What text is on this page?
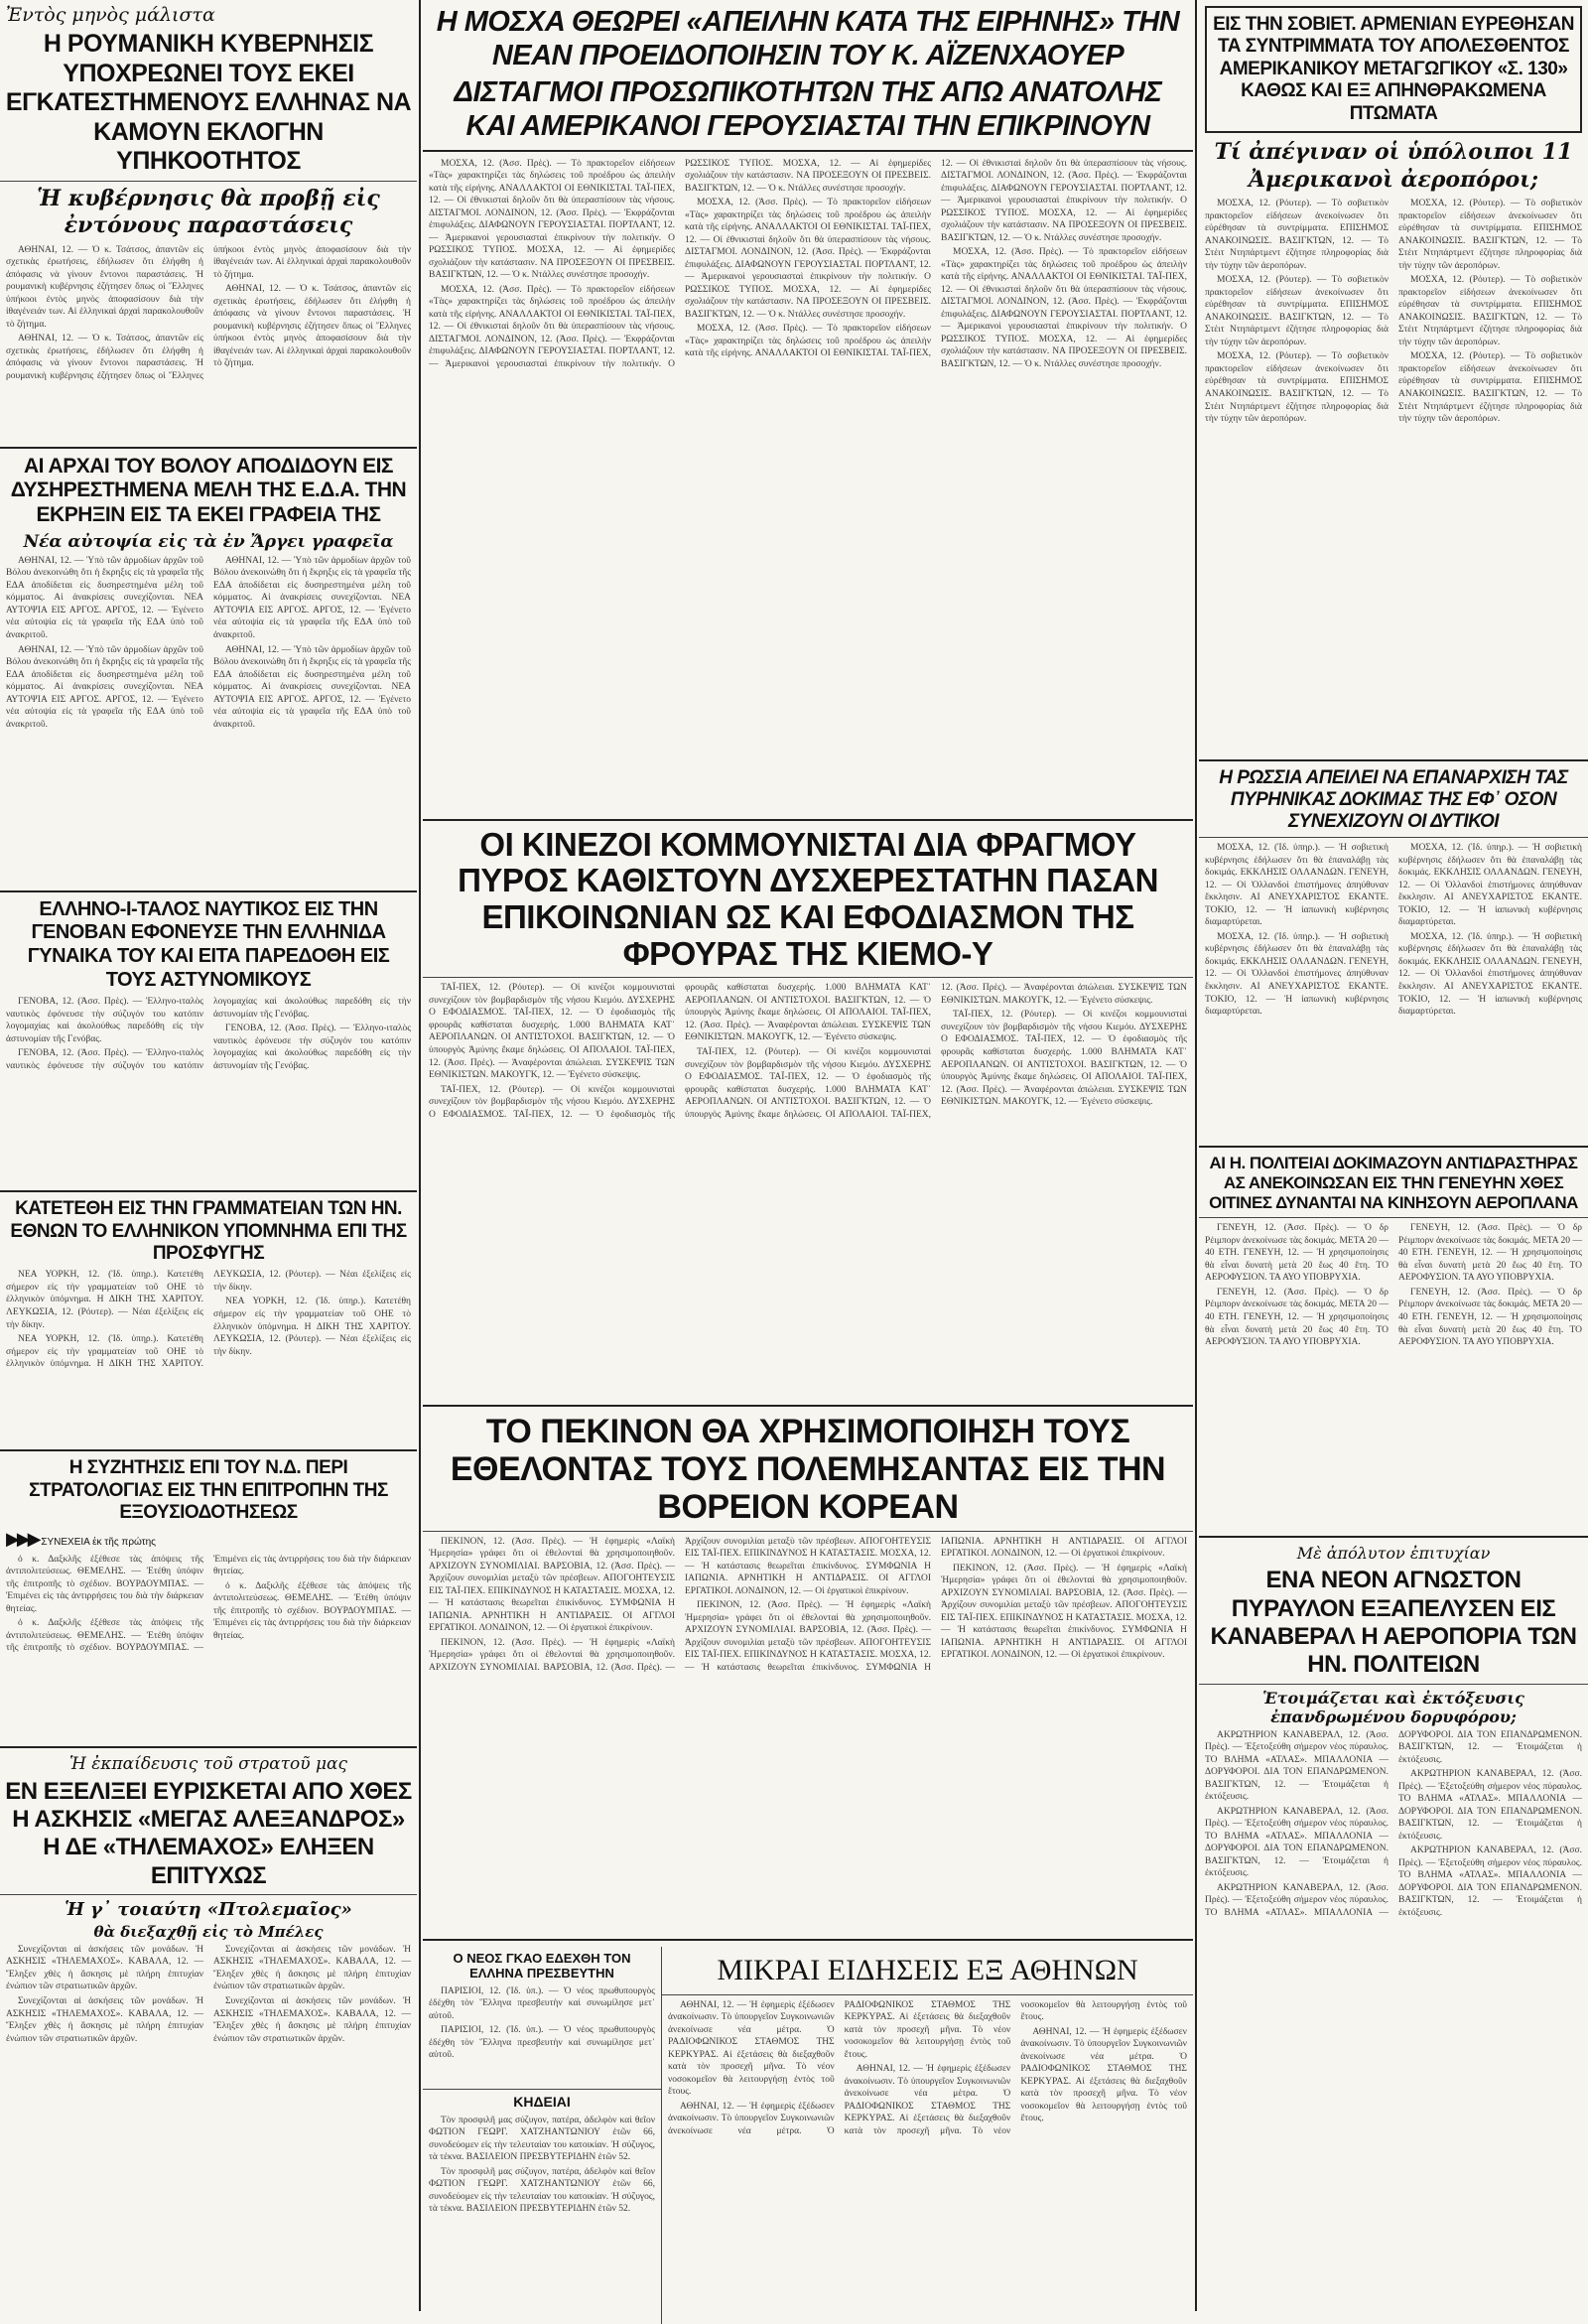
Ἐντὸς μηνὸς μάλιστα
Η ΡΟΥΜΑΝΙΚΗ ΚΥΒΕΡΝΗΣΙΣ ΥΠΟΧΡΕΩΝΕΙ ΤΟΥΣ ΕΚΕΙ ΕΓΚΑΤΕΣΤΗΜΕΝΟΥΣ ΕΛΛΗΝΑΣ ΝΑ ΚΑΜΟΥΝ ΕΚΛΟΓΗΝ ΥΠΗΚΟΟΤΗΤΟΣ
Ἡ κυβέρνησις θὰ προβῇ εἰς ἐντόνους παραστάσεις

ΑΘΗΝΑΙ, 12. — Ὁ κ. Τσάτσος, ἀπαντῶν εἰς σχετικὰς ἐρωτήσεις, ἐδήλωσεν ὅτι ἐλήφθη ἡ ἀπόφασις νὰ γίνουν ἔντονοι παραστάσεις. Ἡ ρουμανικὴ κυβέρνησις ἐζήτησεν ὅπως οἱ Ἕλληνες ὑπήκοοι ἐντὸς μηνὸς ἀποφασίσουν διὰ τὴν ἰθαγένειάν των. Αἱ ἑλληνικαὶ ἀρχαὶ παρακολουθοῦν τὸ ζήτημα.

ΑΘΗΝΑΙ, 12. — Ὁ κ. Τσάτσος, ἀπαντῶν εἰς σχετικὰς ἐρωτήσεις, ἐδήλωσεν ὅτι ἐλήφθη ἡ ἀπόφασις νὰ γίνουν ἔντονοι παραστάσεις. Ἡ ρουμανικὴ κυβέρνησις ἐζήτησεν ὅπως οἱ Ἕλληνες ὑπήκοοι ἐντὸς μηνὸς ἀποφασίσουν διὰ τὴν ἰθαγένειάν των. Αἱ ἑλληνικαὶ ἀρχαὶ παρακολουθοῦν τὸ ζήτημα.

ΑΘΗΝΑΙ, 12. — Ὁ κ. Τσάτσος, ἀπαντῶν εἰς σχετικὰς ἐρωτήσεις, ἐδήλωσεν ὅτι ἐλήφθη ἡ ἀπόφασις νὰ γίνουν ἔντονοι παραστάσεις. Ἡ ρουμανικὴ κυβέρνησις ἐζήτησεν ὅπως οἱ Ἕλληνες ὑπήκοοι ἐντὸς μηνὸς ἀποφασίσουν διὰ τὴν ἰθαγένειάν των. Αἱ ἑλληνικαὶ ἀρχαὶ παρακολουθοῦν τὸ ζήτημα.

ΑΙ ΑΡΧΑΙ ΤΟΥ ΒΟΛΟΥ ΑΠΟΔΙΔΟΥΝ ΕΙΣ ΔΥΣΗΡΕΣΤΗΜΕΝΑ ΜΕΛΗ ΤΗΣ Ε.Δ.Α. ΤΗΝ ΕΚΡΗΞΙΝ ΕΙΣ ΤΑ ΕΚΕΙ ΓΡΑΦΕΙΑ ΤΗΣ
Νέα αὐτοψία εἰς τὰ ἐν Ἄργει γραφεῖα

ΑΘΗΝΑΙ, 12. — Ὑπὸ τῶν ἀρμοδίων ἀρχῶν τοῦ Βόλου ἀνεκοινώθη ὅτι ἡ ἔκρηξις εἰς τὰ γραφεῖα τῆς ΕΔΑ ἀποδίδεται εἰς δυσηρεστημένα μέλη τοῦ κόμματος. Αἱ ἀνακρίσεις συνεχίζονται. ΝΕΑ ΑΥΤΟΨΙΑ ΕΙΣ ΑΡΓΟΣ. ΑΡΓΟΣ, 12. — Ἐγένετο νέα αὐτοψία εἰς τὰ γραφεῖα τῆς ΕΔΑ ὑπὸ τοῦ ἀνακριτοῦ.

ΑΘΗΝΑΙ, 12. — Ὑπὸ τῶν ἀρμοδίων ἀρχῶν τοῦ Βόλου ἀνεκοινώθη ὅτι ἡ ἔκρηξις εἰς τὰ γραφεῖα τῆς ΕΔΑ ἀποδίδεται εἰς δυσηρεστημένα μέλη τοῦ κόμματος. Αἱ ἀνακρίσεις συνεχίζονται. ΝΕΑ ΑΥΤΟΨΙΑ ΕΙΣ ΑΡΓΟΣ. ΑΡΓΟΣ, 12. — Ἐγένετο νέα αὐτοψία εἰς τὰ γραφεῖα τῆς ΕΔΑ ὑπὸ τοῦ ἀνακριτοῦ.

ΑΘΗΝΑΙ, 12. — Ὑπὸ τῶν ἀρμοδίων ἀρχῶν τοῦ Βόλου ἀνεκοινώθη ὅτι ἡ ἔκρηξις εἰς τὰ γραφεῖα τῆς ΕΔΑ ἀποδίδεται εἰς δυσηρεστημένα μέλη τοῦ κόμματος. Αἱ ἀνακρίσεις συνεχίζονται. ΝΕΑ ΑΥΤΟΨΙΑ ΕΙΣ ΑΡΓΟΣ. ΑΡΓΟΣ, 12. — Ἐγένετο νέα αὐτοψία εἰς τὰ γραφεῖα τῆς ΕΔΑ ὑπὸ τοῦ ἀνακριτοῦ.

ΑΘΗΝΑΙ, 12. — Ὑπὸ τῶν ἀρμοδίων ἀρχῶν τοῦ Βόλου ἀνεκοινώθη ὅτι ἡ ἔκρηξις εἰς τὰ γραφεῖα τῆς ΕΔΑ ἀποδίδεται εἰς δυσηρεστημένα μέλη τοῦ κόμματος. Αἱ ἀνακρίσεις συνεχίζονται. ΝΕΑ ΑΥΤΟΨΙΑ ΕΙΣ ΑΡΓΟΣ. ΑΡΓΟΣ, 12. — Ἐγένετο νέα αὐτοψία εἰς τὰ γραφεῖα τῆς ΕΔΑ ὑπὸ τοῦ ἀνακριτοῦ.

ΕΛΛΗΝΟ-Ι-ΤΑΛΟΣ ΝΑΥΤΙΚΟΣ ΕΙΣ ΤΗΝ ΓΕΝΟΒΑΝ ΕΦΟΝΕΥΣΕ ΤΗΝ ΕΛΛΗΝΙΔΑ ΓΥΝΑΙΚΑ ΤΟΥ ΚΑΙ ΕΙΤΑ ΠΑΡΕΔΟΘΗ ΕΙΣ ΤΟΥΣ ΑΣΤΥΝΟΜΙΚΟΥΣ

ΓΕΝΟΒΑ, 12. (Ἀσσ. Πρὲς). — Ἑλληνο-ιταλὸς ναυτικὸς ἐφόνευσε τὴν σύζυγόν του κατόπιν λογομαχίας καὶ ἀκολούθως παρεδόθη εἰς τὴν ἀστυνομίαν τῆς Γενόβας.

ΓΕΝΟΒΑ, 12. (Ἀσσ. Πρὲς). — Ἑλληνο-ιταλὸς ναυτικὸς ἐφόνευσε τὴν σύζυγόν του κατόπιν λογομαχίας καὶ ἀκολούθως παρεδόθη εἰς τὴν ἀστυνομίαν τῆς Γενόβας.

ΓΕΝΟΒΑ, 12. (Ἀσσ. Πρὲς). — Ἑλληνο-ιταλὸς ναυτικὸς ἐφόνευσε τὴν σύζυγόν του κατόπιν λογομαχίας καὶ ἀκολούθως παρεδόθη εἰς τὴν ἀστυνομίαν τῆς Γενόβας.

ΚΑΤΕΤΕΘΗ ΕΙΣ ΤΗΝ ΓΡΑΜΜΑΤΕΙΑΝ ΤΩΝ ΗΝ. ΕΘΝΩΝ ΤΟ ΕΛΛΗΝΙΚΟΝ ΥΠΟΜΝΗΜΑ ΕΠΙ ΤΗΣ ΠΡΟΣΦΥΓΗΣ

ΝΕΑ ΥΟΡΚΗ, 12. (Ἰδ. ὑπηρ.). Κατετέθη σήμερον εἰς τὴν γραμματείαν τοῦ ΟΗΕ τὸ ἑλληνικὸν ὑπόμνημα. Η ΔΙΚΗ ΤΗΣ ΧΑΡΙΤΟΥ. ΛΕΥΚΩΣΙΑ, 12. (Ρόυτερ). — Νέαι ἐξελίξεις εἰς τὴν δίκην.

ΝΕΑ ΥΟΡΚΗ, 12. (Ἰδ. ὑπηρ.). Κατετέθη σήμερον εἰς τὴν γραμματείαν τοῦ ΟΗΕ τὸ ἑλληνικὸν ὑπόμνημα. Η ΔΙΚΗ ΤΗΣ ΧΑΡΙΤΟΥ. ΛΕΥΚΩΣΙΑ, 12. (Ρόυτερ). — Νέαι ἐξελίξεις εἰς τὴν δίκην.

ΝΕΑ ΥΟΡΚΗ, 12. (Ἰδ. ὑπηρ.). Κατετέθη σήμερον εἰς τὴν γραμματείαν τοῦ ΟΗΕ τὸ ἑλληνικὸν ὑπόμνημα. Η ΔΙΚΗ ΤΗΣ ΧΑΡΙΤΟΥ. ΛΕΥΚΩΣΙΑ, 12. (Ρόυτερ). — Νέαι ἐξελίξεις εἰς τὴν δίκην.

Η ΣΥΖΗΤΗΣΙΣ ΕΠΙ ΤΟΥ Ν.Δ. ΠΕΡΙ ΣΤΡΑΤΟΛΟΓΙΑΣ ΕΙΣ ΤΗΝ ΕΠΙΤΡΟΠΗΝ ΤΗΣ ΕΞΟΥΣΙΟΔΟΤΗΣΕΩΣ
▶▶▶ ΣΥΝΕΧΕΙΑ ἐκ τῆς πρώτης

ὁ κ. Δαξκλῆς ἐξέθεσε τὰς ἀπόψεις τῆς ἀντιπολιτεύσεως. ΘΕΜΕΛΗΣ. — Ἐτέθη ὑπόψιν τῆς ἐπιτροπῆς τὸ σχέδιον. ΒΟΥΡΔΟΥΜΠΑΣ. — Ἐπιμένει εἰς τὰς ἀντιρρήσεις του διὰ τὴν διάρκειαν θητείας.

ὁ κ. Δαξκλῆς ἐξέθεσε τὰς ἀπόψεις τῆς ἀντιπολιτεύσεως. ΘΕΜΕΛΗΣ. — Ἐτέθη ὑπόψιν τῆς ἐπιτροπῆς τὸ σχέδιον. ΒΟΥΡΔΟΥΜΠΑΣ. — Ἐπιμένει εἰς τὰς ἀντιρρήσεις του διὰ τὴν διάρκειαν θητείας.

ὁ κ. Δαξκλῆς ἐξέθεσε τὰς ἀπόψεις τῆς ἀντιπολιτεύσεως. ΘΕΜΕΛΗΣ. — Ἐτέθη ὑπόψιν τῆς ἐπιτροπῆς τὸ σχέδιον. ΒΟΥΡΔΟΥΜΠΑΣ. — Ἐπιμένει εἰς τὰς ἀντιρρήσεις του διὰ τὴν διάρκειαν θητείας.

Ἡ ἐκπαίδευσις τοῦ στρατοῦ μας
ΕΝ ΕΞΕΛΙΞΕΙ ΕΥΡΙΣΚΕΤΑΙ ΑΠΟ ΧΘΕΣ Η ΑΣΚΗΣΙΣ «ΜΕΓΑΣ ΑΛΕΞΑΝΔΡΟΣ» Η ΔΕ «ΤΗΛΕΜΑΧΟΣ» ΕΛΗΞΕΝ ΕΠΙΤΥΧΩΣ
Ἡ γ᾽ τοιαύτη «Πτολεμαῖος»
θὰ διεξαχθῇ εἰς τὸ Μπέλες

Συνεχίζονται αἱ ἀσκήσεις τῶν μονάδων. Ἡ ΑΣΚΗΣΙΣ «ΤΗΛΕΜΑΧΟΣ». ΚΑΒΑΛΑ, 12. — Ἔληξεν χθὲς ἡ ἄσκησις μὲ πλήρη ἐπιτυχίαν ἐνώπιον τῶν στρατιωτικῶν ἀρχῶν.

Συνεχίζονται αἱ ἀσκήσεις τῶν μονάδων. Ἡ ΑΣΚΗΣΙΣ «ΤΗΛΕΜΑΧΟΣ». ΚΑΒΑΛΑ, 12. — Ἔληξεν χθὲς ἡ ἄσκησις μὲ πλήρη ἐπιτυχίαν ἐνώπιον τῶν στρατιωτικῶν ἀρχῶν.

Συνεχίζονται αἱ ἀσκήσεις τῶν μονάδων. Ἡ ΑΣΚΗΣΙΣ «ΤΗΛΕΜΑΧΟΣ». ΚΑΒΑΛΑ, 12. — Ἔληξεν χθὲς ἡ ἄσκησις μὲ πλήρη ἐπιτυχίαν ἐνώπιον τῶν στρατιωτικῶν ἀρχῶν.

Συνεχίζονται αἱ ἀσκήσεις τῶν μονάδων. Ἡ ΑΣΚΗΣΙΣ «ΤΗΛΕΜΑΧΟΣ». ΚΑΒΑΛΑ, 12. — Ἔληξεν χθὲς ἡ ἄσκησις μὲ πλήρη ἐπιτυχίαν ἐνώπιον τῶν στρατιωτικῶν ἀρχῶν.

Η ΜΟΣΧΑ ΘΕΩΡΕΙ «ΑΠΕΙΛΗΝ ΚΑΤΑ ΤΗΣ ΕΙΡΗΝΗΣ» ΤΗΝ ΝΕΑΝ ΠΡΟΕΙΔΟΠΟΙΗΣΙΝ ΤΟΥ Κ. ΑΪΖΕΝΧΑΟΥΕΡ
ΔΙΣΤΑΓΜΟΙ ΠΡΟΣΩΠΙΚΟΤΗΤΩΝ ΤΗΣ ΑΠΩ ΑΝΑΤΟΛΗΣ ΚΑΙ ΑΜΕΡΙΚΑΝΟΙ ΓΕΡΟΥΣΙΑΣΤΑΙ ΤΗΝ ΕΠΙΚΡΙΝΟΥΝ

ΜΟΣΧΑ, 12. (Ἀσσ. Πρὲς). — Τὸ πρακτορεῖον εἰδήσεων «Τὰς» χαρακτηρίζει τὰς δηλώσεις τοῦ προέδρου ὡς ἀπειλὴν κατὰ τῆς εἰρήνης. ΑΝΑΛΛΑΚΤΟΙ ΟΙ ΕΘΝΙΚΙΣΤΑΙ. ΤΑΪ-ΠΕΧ, 12. — Οἱ ἐθνικισταὶ δηλοῦν ὅτι θὰ ὑπερασπίσουν τὰς νήσους. ΔΙΣΤΑΓΜΟΙ. ΛΟΝΔΙΝΟΝ, 12. (Ἀσσ. Πρὲς). — Ἐκφράζονται ἐπιφυλάξεις. ΔΙΑΦΩΝΟΥΝ ΓΕΡΟΥΣΙΑΣΤΑΙ. ΠΟΡΤΛΑΝΤ, 12. — Ἀμερικανοὶ γερουσιασταὶ ἐπικρίνουν τὴν πολιτικήν. Ο ΡΩΣΣΙΚΟΣ ΤΥΠΟΣ. ΜΟΣΧΑ, 12. — Αἱ ἐφημερίδες σχολιάζουν τὴν κατάστασιν. ΝΑ ΠΡΟΣΕΞΟΥΝ ΟΙ ΠΡΕΣΒΕΙΣ. ΒΑΣΙΓΚΤΩΝ, 12. — Ὁ κ. Ντάλλες συνέστησε προσοχήν.

ΜΟΣΧΑ, 12. (Ἀσσ. Πρὲς). — Τὸ πρακτορεῖον εἰδήσεων «Τὰς» χαρακτηρίζει τὰς δηλώσεις τοῦ προέδρου ὡς ἀπειλὴν κατὰ τῆς εἰρήνης. ΑΝΑΛΛΑΚΤΟΙ ΟΙ ΕΘΝΙΚΙΣΤΑΙ. ΤΑΪ-ΠΕΧ, 12. — Οἱ ἐθνικισταὶ δηλοῦν ὅτι θὰ ὑπερασπίσουν τὰς νήσους. ΔΙΣΤΑΓΜΟΙ. ΛΟΝΔΙΝΟΝ, 12. (Ἀσσ. Πρὲς). — Ἐκφράζονται ἐπιφυλάξεις. ΔΙΑΦΩΝΟΥΝ ΓΕΡΟΥΣΙΑΣΤΑΙ. ΠΟΡΤΛΑΝΤ, 12. — Ἀμερικανοὶ γερουσιασταὶ ἐπικρίνουν τὴν πολιτικήν. Ο ΡΩΣΣΙΚΟΣ ΤΥΠΟΣ. ΜΟΣΧΑ, 12. — Αἱ ἐφημερίδες σχολιάζουν τὴν κατάστασιν. ΝΑ ΠΡΟΣΕΞΟΥΝ ΟΙ ΠΡΕΣΒΕΙΣ. ΒΑΣΙΓΚΤΩΝ, 12. — Ὁ κ. Ντάλλες συνέστησε προσοχήν.

ΜΟΣΧΑ, 12. (Ἀσσ. Πρὲς). — Τὸ πρακτορεῖον εἰδήσεων «Τὰς» χαρακτηρίζει τὰς δηλώσεις τοῦ προέδρου ὡς ἀπειλὴν κατὰ τῆς εἰρήνης. ΑΝΑΛΛΑΚΤΟΙ ΟΙ ΕΘΝΙΚΙΣΤΑΙ. ΤΑΪ-ΠΕΧ, 12. — Οἱ ἐθνικισταὶ δηλοῦν ὅτι θὰ ὑπερασπίσουν τὰς νήσους. ΔΙΣΤΑΓΜΟΙ. ΛΟΝΔΙΝΟΝ, 12. (Ἀσσ. Πρὲς). — Ἐκφράζονται ἐπιφυλάξεις. ΔΙΑΦΩΝΟΥΝ ΓΕΡΟΥΣΙΑΣΤΑΙ. ΠΟΡΤΛΑΝΤ, 12. — Ἀμερικανοὶ γερουσιασταὶ ἐπικρίνουν τὴν πολιτικήν. Ο ΡΩΣΣΙΚΟΣ ΤΥΠΟΣ. ΜΟΣΧΑ, 12. — Αἱ ἐφημερίδες σχολιάζουν τὴν κατάστασιν. ΝΑ ΠΡΟΣΕΞΟΥΝ ΟΙ ΠΡΕΣΒΕΙΣ. ΒΑΣΙΓΚΤΩΝ, 12. — Ὁ κ. Ντάλλες συνέστησε προσοχήν.

ΜΟΣΧΑ, 12. (Ἀσσ. Πρὲς). — Τὸ πρακτορεῖον εἰδήσεων «Τὰς» χαρακτηρίζει τὰς δηλώσεις τοῦ προέδρου ὡς ἀπειλὴν κατὰ τῆς εἰρήνης. ΑΝΑΛΛΑΚΤΟΙ ΟΙ ΕΘΝΙΚΙΣΤΑΙ. ΤΑΪ-ΠΕΧ, 12. — Οἱ ἐθνικισταὶ δηλοῦν ὅτι θὰ ὑπερασπίσουν τὰς νήσους. ΔΙΣΤΑΓΜΟΙ. ΛΟΝΔΙΝΟΝ, 12. (Ἀσσ. Πρὲς). — Ἐκφράζονται ἐπιφυλάξεις. ΔΙΑΦΩΝΟΥΝ ΓΕΡΟΥΣΙΑΣΤΑΙ. ΠΟΡΤΛΑΝΤ, 12. — Ἀμερικανοὶ γερουσιασταὶ ἐπικρίνουν τὴν πολιτικήν. Ο ΡΩΣΣΙΚΟΣ ΤΥΠΟΣ. ΜΟΣΧΑ, 12. — Αἱ ἐφημερίδες σχολιάζουν τὴν κατάστασιν. ΝΑ ΠΡΟΣΕΞΟΥΝ ΟΙ ΠΡΕΣΒΕΙΣ. ΒΑΣΙΓΚΤΩΝ, 12. — Ὁ κ. Ντάλλες συνέστησε προσοχήν.

ΜΟΣΧΑ, 12. (Ἀσσ. Πρὲς). — Τὸ πρακτορεῖον εἰδήσεων «Τὰς» χαρακτηρίζει τὰς δηλώσεις τοῦ προέδρου ὡς ἀπειλὴν κατὰ τῆς εἰρήνης. ΑΝΑΛΛΑΚΤΟΙ ΟΙ ΕΘΝΙΚΙΣΤΑΙ. ΤΑΪ-ΠΕΧ, 12. — Οἱ ἐθνικισταὶ δηλοῦν ὅτι θὰ ὑπερασπίσουν τὰς νήσους. ΔΙΣΤΑΓΜΟΙ. ΛΟΝΔΙΝΟΝ, 12. (Ἀσσ. Πρὲς). — Ἐκφράζονται ἐπιφυλάξεις. ΔΙΑΦΩΝΟΥΝ ΓΕΡΟΥΣΙΑΣΤΑΙ. ΠΟΡΤΛΑΝΤ, 12. — Ἀμερικανοὶ γερουσιασταὶ ἐπικρίνουν τὴν πολιτικήν. Ο ΡΩΣΣΙΚΟΣ ΤΥΠΟΣ. ΜΟΣΧΑ, 12. — Αἱ ἐφημερίδες σχολιάζουν τὴν κατάστασιν. ΝΑ ΠΡΟΣΕΞΟΥΝ ΟΙ ΠΡΕΣΒΕΙΣ. ΒΑΣΙΓΚΤΩΝ, 12. — Ὁ κ. Ντάλλες συνέστησε προσοχήν.

ΟΙ ΚΙΝΕΖΟΙ ΚΟΜΜΟΥΝΙΣΤΑΙ ΔΙΑ ΦΡΑΓΜΟΥ ΠΥΡΟΣ ΚΑΘΙΣΤΟΥΝ ΔΥΣΧΕΡΕΣΤΑΤΗΝ ΠΑΣΑΝ ΕΠΙΚΟΙΝΩΝΙΑΝ ΩΣ ΚΑΙ ΕΦΟΔΙΑΣΜΟΝ ΤΗΣ ΦΡΟΥΡΑΣ ΤΗΣ ΚΙΕΜΟ-Υ

ΤΑΪ-ΠΕΧ, 12. (Ρόυτερ). — Οἱ κινέζοι κομμουνισταὶ συνεχίζουν τὸν βομβαρδισμὸν τῆς νήσου Κιεμόυ. ΔΥΣΧΕΡΗΣ Ο ΕΦΟΔΙΑΣΜΟΣ. ΤΑΪ-ΠΕΧ, 12. — Ὁ ἐφοδιασμὸς τῆς φρουρᾶς καθίσταται δυσχερής. 1.000 ΒΛΗΜΑΤΑ ΚΑΤ᾽ ΑΕΡΟΠΛΑΝΩΝ. ΟΙ ΑΝΤΙΣΤΟΧΟΙ. ΒΑΣΙΓΚΤΩΝ, 12. — Ὁ ὑπουργὸς Ἀμύνης ἔκαμε δηλώσεις. ΟΙ ΑΠΟΛΑΙΟΙ. ΤΑΪ-ΠΕΧ, 12. (Ἀσσ. Πρὲς). — Ἀναφέρονται ἀπώλειαι. ΣΥΣΚΕΨΙΣ ΤΩΝ ΕΘΝΙΚΙΣΤΩΝ. ΜΑΚΟΥΓΚ, 12. — Ἐγένετο σύσκεψις.

ΤΑΪ-ΠΕΧ, 12. (Ρόυτερ). — Οἱ κινέζοι κομμουνισταὶ συνεχίζουν τὸν βομβαρδισμὸν τῆς νήσου Κιεμόυ. ΔΥΣΧΕΡΗΣ Ο ΕΦΟΔΙΑΣΜΟΣ. ΤΑΪ-ΠΕΧ, 12. — Ὁ ἐφοδιασμὸς τῆς φρουρᾶς καθίσταται δυσχερής. 1.000 ΒΛΗΜΑΤΑ ΚΑΤ᾽ ΑΕΡΟΠΛΑΝΩΝ. ΟΙ ΑΝΤΙΣΤΟΧΟΙ. ΒΑΣΙΓΚΤΩΝ, 12. — Ὁ ὑπουργὸς Ἀμύνης ἔκαμε δηλώσεις. ΟΙ ΑΠΟΛΑΙΟΙ. ΤΑΪ-ΠΕΧ, 12. (Ἀσσ. Πρὲς). — Ἀναφέρονται ἀπώλειαι. ΣΥΣΚΕΨΙΣ ΤΩΝ ΕΘΝΙΚΙΣΤΩΝ. ΜΑΚΟΥΓΚ, 12. — Ἐγένετο σύσκεψις.

ΤΑΪ-ΠΕΧ, 12. (Ρόυτερ). — Οἱ κινέζοι κομμουνισταὶ συνεχίζουν τὸν βομβαρδισμὸν τῆς νήσου Κιεμόυ. ΔΥΣΧΕΡΗΣ Ο ΕΦΟΔΙΑΣΜΟΣ. ΤΑΪ-ΠΕΧ, 12. — Ὁ ἐφοδιασμὸς τῆς φρουρᾶς καθίσταται δυσχερής. 1.000 ΒΛΗΜΑΤΑ ΚΑΤ᾽ ΑΕΡΟΠΛΑΝΩΝ. ΟΙ ΑΝΤΙΣΤΟΧΟΙ. ΒΑΣΙΓΚΤΩΝ, 12. — Ὁ ὑπουργὸς Ἀμύνης ἔκαμε δηλώσεις. ΟΙ ΑΠΟΛΑΙΟΙ. ΤΑΪ-ΠΕΧ, 12. (Ἀσσ. Πρὲς). — Ἀναφέρονται ἀπώλειαι. ΣΥΣΚΕΨΙΣ ΤΩΝ ΕΘΝΙΚΙΣΤΩΝ. ΜΑΚΟΥΓΚ, 12. — Ἐγένετο σύσκεψις.

ΤΑΪ-ΠΕΧ, 12. (Ρόυτερ). — Οἱ κινέζοι κομμουνισταὶ συνεχίζουν τὸν βομβαρδισμὸν τῆς νήσου Κιεμόυ. ΔΥΣΧΕΡΗΣ Ο ΕΦΟΔΙΑΣΜΟΣ. ΤΑΪ-ΠΕΧ, 12. — Ὁ ἐφοδιασμὸς τῆς φρουρᾶς καθίσταται δυσχερής. 1.000 ΒΛΗΜΑΤΑ ΚΑΤ᾽ ΑΕΡΟΠΛΑΝΩΝ. ΟΙ ΑΝΤΙΣΤΟΧΟΙ. ΒΑΣΙΓΚΤΩΝ, 12. — Ὁ ὑπουργὸς Ἀμύνης ἔκαμε δηλώσεις. ΟΙ ΑΠΟΛΑΙΟΙ. ΤΑΪ-ΠΕΧ, 12. (Ἀσσ. Πρὲς). — Ἀναφέρονται ἀπώλειαι. ΣΥΣΚΕΨΙΣ ΤΩΝ ΕΘΝΙΚΙΣΤΩΝ. ΜΑΚΟΥΓΚ, 12. — Ἐγένετο σύσκεψις.

ΤΟ ΠΕΚΙΝΟΝ ΘΑ ΧΡΗΣΙΜΟΠΟΙΗΣΗ ΤΟΥΣ ΕΘΕΛΟΝΤΑΣ ΤΟΥΣ ΠΟΛΕΜΗΣΑΝΤΑΣ ΕΙΣ ΤΗΝ ΒΟΡΕΙΟΝ ΚΟΡΕΑΝ

ΠΕΚΙΝΟΝ, 12. (Ἀσσ. Πρὲς). — Ἡ ἐφημερὶς «Λαϊκὴ Ἡμερησία» γράφει ὅτι οἱ ἐθελονταὶ θὰ χρησιμοποιηθοῦν. ΑΡΧΙΖΟΥΝ ΣΥΝΟΜΙΛΙΑΙ. ΒΑΡΣΟΒΙΑ, 12. (Ἀσσ. Πρὲς). — Ἀρχίζουν συνομιλίαι μεταξὺ τῶν πρέσβεων. ΑΠΟΓΟΗΤΕΥΣΙΣ ΕΙΣ ΤΑΪ-ΠΕΧ. ΕΠΙΚΙΝΔΥΝΟΣ Η ΚΑΤΑΣΤΑΣΙΣ. ΜΟΣΧΑ, 12. — Ἡ κατάστασις θεωρεῖται ἐπικίνδυνος. ΣΥΜΦΩΝΙΑ Η ΙΑΠΩΝΙΑ. ΑΡΝΗΤΙΚΗ Η ΑΝΤΙΔΡΑΣΙΣ. ΟΙ ΑΓΓΛΟΙ ΕΡΓΑΤΙΚΟΙ. ΛΟΝΔΙΝΟΝ, 12. — Οἱ ἐργατικοὶ ἐπικρίνουν.

ΠΕΚΙΝΟΝ, 12. (Ἀσσ. Πρὲς). — Ἡ ἐφημερὶς «Λαϊκὴ Ἡμερησία» γράφει ὅτι οἱ ἐθελονταὶ θὰ χρησιμοποιηθοῦν. ΑΡΧΙΖΟΥΝ ΣΥΝΟΜΙΛΙΑΙ. ΒΑΡΣΟΒΙΑ, 12. (Ἀσσ. Πρὲς). — Ἀρχίζουν συνομιλίαι μεταξὺ τῶν πρέσβεων. ΑΠΟΓΟΗΤΕΥΣΙΣ ΕΙΣ ΤΑΪ-ΠΕΧ. ΕΠΙΚΙΝΔΥΝΟΣ Η ΚΑΤΑΣΤΑΣΙΣ. ΜΟΣΧΑ, 12. — Ἡ κατάστασις θεωρεῖται ἐπικίνδυνος. ΣΥΜΦΩΝΙΑ Η ΙΑΠΩΝΙΑ. ΑΡΝΗΤΙΚΗ Η ΑΝΤΙΔΡΑΣΙΣ. ΟΙ ΑΓΓΛΟΙ ΕΡΓΑΤΙΚΟΙ. ΛΟΝΔΙΝΟΝ, 12. — Οἱ ἐργατικοὶ ἐπικρίνουν.

ΠΕΚΙΝΟΝ, 12. (Ἀσσ. Πρὲς). — Ἡ ἐφημερὶς «Λαϊκὴ Ἡμερησία» γράφει ὅτι οἱ ἐθελονταὶ θὰ χρησιμοποιηθοῦν. ΑΡΧΙΖΟΥΝ ΣΥΝΟΜΙΛΙΑΙ. ΒΑΡΣΟΒΙΑ, 12. (Ἀσσ. Πρὲς). — Ἀρχίζουν συνομιλίαι μεταξὺ τῶν πρέσβεων. ΑΠΟΓΟΗΤΕΥΣΙΣ ΕΙΣ ΤΑΪ-ΠΕΧ. ΕΠΙΚΙΝΔΥΝΟΣ Η ΚΑΤΑΣΤΑΣΙΣ. ΜΟΣΧΑ, 12. — Ἡ κατάστασις θεωρεῖται ἐπικίνδυνος. ΣΥΜΦΩΝΙΑ Η ΙΑΠΩΝΙΑ. ΑΡΝΗΤΙΚΗ Η ΑΝΤΙΔΡΑΣΙΣ. ΟΙ ΑΓΓΛΟΙ ΕΡΓΑΤΙΚΟΙ. ΛΟΝΔΙΝΟΝ, 12. — Οἱ ἐργατικοὶ ἐπικρίνουν.

ΠΕΚΙΝΟΝ, 12. (Ἀσσ. Πρὲς). — Ἡ ἐφημερὶς «Λαϊκὴ Ἡμερησία» γράφει ὅτι οἱ ἐθελονταὶ θὰ χρησιμοποιηθοῦν. ΑΡΧΙΖΟΥΝ ΣΥΝΟΜΙΛΙΑΙ. ΒΑΡΣΟΒΙΑ, 12. (Ἀσσ. Πρὲς). — Ἀρχίζουν συνομιλίαι μεταξὺ τῶν πρέσβεων. ΑΠΟΓΟΗΤΕΥΣΙΣ ΕΙΣ ΤΑΪ-ΠΕΧ. ΕΠΙΚΙΝΔΥΝΟΣ Η ΚΑΤΑΣΤΑΣΙΣ. ΜΟΣΧΑ, 12. — Ἡ κατάστασις θεωρεῖται ἐπικίνδυνος. ΣΥΜΦΩΝΙΑ Η ΙΑΠΩΝΙΑ. ΑΡΝΗΤΙΚΗ Η ΑΝΤΙΔΡΑΣΙΣ. ΟΙ ΑΓΓΛΟΙ ΕΡΓΑΤΙΚΟΙ. ΛΟΝΔΙΝΟΝ, 12. — Οἱ ἐργατικοὶ ἐπικρίνουν.

Ο ΝΕΟΣ ΓΚΑΟ ΕΔΕΧΘΗ ΤΟΝ ΕΛΛΗΝΑ ΠΡΕΣΒΕΥΤΗΝ

ΠΑΡΙΣΙΟΙ, 12. (Ἰδ. ὑπ.). — Ὁ νέος πρωθυπουργὸς ἐδέχθη τὸν Ἕλληνα πρεσβευτὴν καὶ συνωμίλησε μετ᾽ αὐτοῦ.

ΠΑΡΙΣΙΟΙ, 12. (Ἰδ. ὑπ.). — Ὁ νέος πρωθυπουργὸς ἐδέχθη τὸν Ἕλληνα πρεσβευτὴν καὶ συνωμίλησε μετ᾽ αὐτοῦ.

ΚΗΔΕΙΑΙ

Τὸν προσφιλῆ μας σύζυγον, πατέρα, ἀδελφὸν καὶ θεῖον ΦΩΤΙΟΝ ΓΕΩΡΓ. ΧΑΤΖΗΑΝΤΩΝΙΟΥ ἐτῶν 66, συνοδεύομεν εἰς τὴν τελευταίαν του κατοικίαν. Ἡ σύζυγος, τὰ τέκνα. ΒΑΣΙΛΕΙΟΝ ΠΡΕΣΒΥΤΕΡΙΔΗΝ ἐτῶν 52.

Τὸν προσφιλῆ μας σύζυγον, πατέρα, ἀδελφὸν καὶ θεῖον ΦΩΤΙΟΝ ΓΕΩΡΓ. ΧΑΤΖΗΑΝΤΩΝΙΟΥ ἐτῶν 66, συνοδεύομεν εἰς τὴν τελευταίαν του κατοικίαν. Ἡ σύζυγος, τὰ τέκνα. ΒΑΣΙΛΕΙΟΝ ΠΡΕΣΒΥΤΕΡΙΔΗΝ ἐτῶν 52.

ΜΙΚΡΑΙ ΕΙΔΗΣΕΙΣ ΕΞ ΑΘΗΝΩΝ

ΑΘΗΝΑΙ, 12. — Ἡ ἐφημερὶς ἐξέδωσεν ἀνακοίνωσιν. Τὸ ὑπουργεῖον Συγκοινωνιῶν ἀνεκοίνωσε νέα μέτρα. Ὁ ΡΑΔΙΟΦΩΝΙΚΟΣ ΣΤΑΘΜΟΣ ΤΗΣ ΚΕΡΚΥΡΑΣ. Αἱ ἐξετάσεις θὰ διεξαχθοῦν κατὰ τὸν προσεχῆ μῆνα. Τὸ νέον νοσοκομεῖον θὰ λειτουργήσῃ ἐντὸς τοῦ ἔτους.

ΑΘΗΝΑΙ, 12. — Ἡ ἐφημερὶς ἐξέδωσεν ἀνακοίνωσιν. Τὸ ὑπουργεῖον Συγκοινωνιῶν ἀνεκοίνωσε νέα μέτρα. Ὁ ΡΑΔΙΟΦΩΝΙΚΟΣ ΣΤΑΘΜΟΣ ΤΗΣ ΚΕΡΚΥΡΑΣ. Αἱ ἐξετάσεις θὰ διεξαχθοῦν κατὰ τὸν προσεχῆ μῆνα. Τὸ νέον νοσοκομεῖον θὰ λειτουργήσῃ ἐντὸς τοῦ ἔτους.

ΑΘΗΝΑΙ, 12. — Ἡ ἐφημερὶς ἐξέδωσεν ἀνακοίνωσιν. Τὸ ὑπουργεῖον Συγκοινωνιῶν ἀνεκοίνωσε νέα μέτρα. Ὁ ΡΑΔΙΟΦΩΝΙΚΟΣ ΣΤΑΘΜΟΣ ΤΗΣ ΚΕΡΚΥΡΑΣ. Αἱ ἐξετάσεις θὰ διεξαχθοῦν κατὰ τὸν προσεχῆ μῆνα. Τὸ νέον νοσοκομεῖον θὰ λειτουργήσῃ ἐντὸς τοῦ ἔτους.

ΑΘΗΝΑΙ, 12. — Ἡ ἐφημερὶς ἐξέδωσεν ἀνακοίνωσιν. Τὸ ὑπουργεῖον Συγκοινωνιῶν ἀνεκοίνωσε νέα μέτρα. Ὁ ΡΑΔΙΟΦΩΝΙΚΟΣ ΣΤΑΘΜΟΣ ΤΗΣ ΚΕΡΚΥΡΑΣ. Αἱ ἐξετάσεις θὰ διεξαχθοῦν κατὰ τὸν προσεχῆ μῆνα. Τὸ νέον νοσοκομεῖον θὰ λειτουργήσῃ ἐντὸς τοῦ ἔτους.

ΕΙΣ ΤΗΝ ΣΟΒΙΕΤ. ΑΡΜΕΝΙΑΝ ΕΥΡΕΘΗΣΑΝ ΤΑ ΣΥΝΤΡΙΜΜΑΤΑ ΤΟΥ ΑΠΟΛΕΣΘΕΝΤΟΣ ΑΜΕΡΙΚΑΝΙΚΟΥ ΜΕΤΑΓΩΓΙΚΟΥ «Σ. 130» ΚΑΘΩΣ ΚΑΙ ΕΞ ΑΠΗΝΘΡΑΚΩΜΕΝΑ ΠΤΩΜΑΤΑ
Τί ἀπέγιναν οἱ ὑπόλοιποι 11 Ἀμερικανοὶ ἀεροπόροι;

ΜΟΣΧΑ, 12. (Ρόυτερ). — Τὸ σοβιετικὸν πρακτορεῖον εἰδήσεων ἀνεκοίνωσεν ὅτι εὑρέθησαν τὰ συντρίμματα. ΕΠΙΣΗΜΟΣ ΑΝΑΚΟΙΝΩΣΙΣ. ΒΑΣΙΓΚΤΩΝ, 12. — Τὸ Στέιτ Ντηπάρτμεντ ἐζήτησε πληροφορίας διὰ τὴν τύχην τῶν ἀεροπόρων.

ΜΟΣΧΑ, 12. (Ρόυτερ). — Τὸ σοβιετικὸν πρακτορεῖον εἰδήσεων ἀνεκοίνωσεν ὅτι εὑρέθησαν τὰ συντρίμματα. ΕΠΙΣΗΜΟΣ ΑΝΑΚΟΙΝΩΣΙΣ. ΒΑΣΙΓΚΤΩΝ, 12. — Τὸ Στέιτ Ντηπάρτμεντ ἐζήτησε πληροφορίας διὰ τὴν τύχην τῶν ἀεροπόρων.

ΜΟΣΧΑ, 12. (Ρόυτερ). — Τὸ σοβιετικὸν πρακτορεῖον εἰδήσεων ἀνεκοίνωσεν ὅτι εὑρέθησαν τὰ συντρίμματα. ΕΠΙΣΗΜΟΣ ΑΝΑΚΟΙΝΩΣΙΣ. ΒΑΣΙΓΚΤΩΝ, 12. — Τὸ Στέιτ Ντηπάρτμεντ ἐζήτησε πληροφορίας διὰ τὴν τύχην τῶν ἀεροπόρων.

ΜΟΣΧΑ, 12. (Ρόυτερ). — Τὸ σοβιετικὸν πρακτορεῖον εἰδήσεων ἀνεκοίνωσεν ὅτι εὑρέθησαν τὰ συντρίμματα. ΕΠΙΣΗΜΟΣ ΑΝΑΚΟΙΝΩΣΙΣ. ΒΑΣΙΓΚΤΩΝ, 12. — Τὸ Στέιτ Ντηπάρτμεντ ἐζήτησε πληροφορίας διὰ τὴν τύχην τῶν ἀεροπόρων.

ΜΟΣΧΑ, 12. (Ρόυτερ). — Τὸ σοβιετικὸν πρακτορεῖον εἰδήσεων ἀνεκοίνωσεν ὅτι εὑρέθησαν τὰ συντρίμματα. ΕΠΙΣΗΜΟΣ ΑΝΑΚΟΙΝΩΣΙΣ. ΒΑΣΙΓΚΤΩΝ, 12. — Τὸ Στέιτ Ντηπάρτμεντ ἐζήτησε πληροφορίας διὰ τὴν τύχην τῶν ἀεροπόρων.

ΜΟΣΧΑ, 12. (Ρόυτερ). — Τὸ σοβιετικὸν πρακτορεῖον εἰδήσεων ἀνεκοίνωσεν ὅτι εὑρέθησαν τὰ συντρίμματα. ΕΠΙΣΗΜΟΣ ΑΝΑΚΟΙΝΩΣΙΣ. ΒΑΣΙΓΚΤΩΝ, 12. — Τὸ Στέιτ Ντηπάρτμεντ ἐζήτησε πληροφορίας διὰ τὴν τύχην τῶν ἀεροπόρων.

Η ΡΩΣΣΙΑ ΑΠΕΙΛΕΙ ΝΑ ΕΠΑΝΑΡΧΙΣΗ ΤΑΣ ΠΥΡΗΝΙΚΑΣ ΔΟΚΙΜΑΣ ΤΗΣ ΕΦ᾽ ΟΣΟΝ ΣΥΝΕΧΙΖΟΥΝ ΟΙ ΔΥΤΙΚΟΙ

ΜΟΣΧΑ, 12. (Ἰδ. ὑπηρ.). — Ἡ σοβιετικὴ κυβέρνησις ἐδήλωσεν ὅτι θὰ ἐπαναλάβῃ τὰς δοκιμάς. ΕΚΚΛΗΣΙΣ ΟΛΛΑΝΔΩΝ. ΓΕΝΕΥΗ, 12. — Οἱ Ὀλλανδοὶ ἐπιστήμονες ἀπηύθυναν ἔκκλησιν. ΑΙ ΑΝΕΥΧΑΡΙΣΤΟΣ ΕΚΑΝΤΕ. ΤΟΚΙΟ, 12. — Ἡ ἰαπωνικὴ κυβέρνησις διαμαρτύρεται.

ΜΟΣΧΑ, 12. (Ἰδ. ὑπηρ.). — Ἡ σοβιετικὴ κυβέρνησις ἐδήλωσεν ὅτι θὰ ἐπαναλάβῃ τὰς δοκιμάς. ΕΚΚΛΗΣΙΣ ΟΛΛΑΝΔΩΝ. ΓΕΝΕΥΗ, 12. — Οἱ Ὀλλανδοὶ ἐπιστήμονες ἀπηύθυναν ἔκκλησιν. ΑΙ ΑΝΕΥΧΑΡΙΣΤΟΣ ΕΚΑΝΤΕ. ΤΟΚΙΟ, 12. — Ἡ ἰαπωνικὴ κυβέρνησις διαμαρτύρεται.

ΜΟΣΧΑ, 12. (Ἰδ. ὑπηρ.). — Ἡ σοβιετικὴ κυβέρνησις ἐδήλωσεν ὅτι θὰ ἐπαναλάβῃ τὰς δοκιμάς. ΕΚΚΛΗΣΙΣ ΟΛΛΑΝΔΩΝ. ΓΕΝΕΥΗ, 12. — Οἱ Ὀλλανδοὶ ἐπιστήμονες ἀπηύθυναν ἔκκλησιν. ΑΙ ΑΝΕΥΧΑΡΙΣΤΟΣ ΕΚΑΝΤΕ. ΤΟΚΙΟ, 12. — Ἡ ἰαπωνικὴ κυβέρνησις διαμαρτύρεται.

ΜΟΣΧΑ, 12. (Ἰδ. ὑπηρ.). — Ἡ σοβιετικὴ κυβέρνησις ἐδήλωσεν ὅτι θὰ ἐπαναλάβῃ τὰς δοκιμάς. ΕΚΚΛΗΣΙΣ ΟΛΛΑΝΔΩΝ. ΓΕΝΕΥΗ, 12. — Οἱ Ὀλλανδοὶ ἐπιστήμονες ἀπηύθυναν ἔκκλησιν. ΑΙ ΑΝΕΥΧΑΡΙΣΤΟΣ ΕΚΑΝΤΕ. ΤΟΚΙΟ, 12. — Ἡ ἰαπωνικὴ κυβέρνησις διαμαρτύρεται.

ΑΙ Η. ΠΟΛΙΤΕΙΑΙ ΔΟΚΙΜΑΖΟΥΝ ΑΝΤΙΔΡΑΣΤΗΡΑΣ ΑΣ ΑΝΕΚΟΙΝΩΣΑΝ ΕΙΣ ΤΗΝ ΓΕΝΕΥΗΝ ΧΘΕΣ ΟΙΤΙΝΕΣ ΔΥΝΑΝΤΑΙ ΝΑ ΚΙΝΗΣΟΥΝ ΑΕΡΟΠΛΑΝΑ

ΓΕΝΕΥΗ, 12. (Ἀσσ. Πρὲς). — Ὁ δρ Ρέιμπορν ἀνεκοίνωσε τὰς δοκιμάς. ΜΕΤΑ 20 — 40 ΕΤΗ. ΓΕΝΕΥΗ, 12. — Ἡ χρησιμοποίησις θὰ εἶναι δυνατὴ μετὰ 20 ἕως 40 ἔτη. ΤΟ ΑΕΡΟΦΥΣΙΟΝ. ΤΑ ΑΥΟ ΥΠΟΒΡΥΧΙΑ.

ΓΕΝΕΥΗ, 12. (Ἀσσ. Πρὲς). — Ὁ δρ Ρέιμπορν ἀνεκοίνωσε τὰς δοκιμάς. ΜΕΤΑ 20 — 40 ΕΤΗ. ΓΕΝΕΥΗ, 12. — Ἡ χρησιμοποίησις θὰ εἶναι δυνατὴ μετὰ 20 ἕως 40 ἔτη. ΤΟ ΑΕΡΟΦΥΣΙΟΝ. ΤΑ ΑΥΟ ΥΠΟΒΡΥΧΙΑ.

ΓΕΝΕΥΗ, 12. (Ἀσσ. Πρὲς). — Ὁ δρ Ρέιμπορν ἀνεκοίνωσε τὰς δοκιμάς. ΜΕΤΑ 20 — 40 ΕΤΗ. ΓΕΝΕΥΗ, 12. — Ἡ χρησιμοποίησις θὰ εἶναι δυνατὴ μετὰ 20 ἕως 40 ἔτη. ΤΟ ΑΕΡΟΦΥΣΙΟΝ. ΤΑ ΑΥΟ ΥΠΟΒΡΥΧΙΑ.

ΓΕΝΕΥΗ, 12. (Ἀσσ. Πρὲς). — Ὁ δρ Ρέιμπορν ἀνεκοίνωσε τὰς δοκιμάς. ΜΕΤΑ 20 — 40 ΕΤΗ. ΓΕΝΕΥΗ, 12. — Ἡ χρησιμοποίησις θὰ εἶναι δυνατὴ μετὰ 20 ἕως 40 ἔτη. ΤΟ ΑΕΡΟΦΥΣΙΟΝ. ΤΑ ΑΥΟ ΥΠΟΒΡΥΧΙΑ.

Μὲ ἀπόλυτον ἐπιτυχίαν
ΕΝΑ ΝΕΟΝ ΑΓΝΩΣΤΟΝ ΠΥΡΑΥΛΟΝ ΕΞΑΠΕΛΥΣΕΝ ΕΙΣ ΚΑΝΑΒΕΡΑΛ Η ΑΕΡΟΠΟΡΙΑ ΤΩΝ ΗΝ. ΠΟΛΙΤΕΙΩΝ
Ἑτοιμάζεται καὶ ἐκτόξευσις ἐπανδρωμένου δορυφόρου;

ΑΚΡΩΤΗΡΙΟΝ ΚΑΝΑΒΕΡΑΛ, 12. (Ἀσσ. Πρὲς). — Ἐξετοξεύθη σήμερον νέος πύραυλος. ΤΟ ΒΛΗΜΑ «ΑΤΛΑΣ». ΜΠΑΛΛΟΝΙΑ — ΔΟΡΥΦΟΡΟΙ. ΔΙΑ ΤΟΝ ΕΠΑΝΔΡΩΜΕΝΟΝ. ΒΑΣΙΓΚΤΩΝ, 12. — Ἑτοιμάζεται ἡ ἐκτόξευσις.

ΑΚΡΩΤΗΡΙΟΝ ΚΑΝΑΒΕΡΑΛ, 12. (Ἀσσ. Πρὲς). — Ἐξετοξεύθη σήμερον νέος πύραυλος. ΤΟ ΒΛΗΜΑ «ΑΤΛΑΣ». ΜΠΑΛΛΟΝΙΑ — ΔΟΡΥΦΟΡΟΙ. ΔΙΑ ΤΟΝ ΕΠΑΝΔΡΩΜΕΝΟΝ. ΒΑΣΙΓΚΤΩΝ, 12. — Ἑτοιμάζεται ἡ ἐκτόξευσις.

ΑΚΡΩΤΗΡΙΟΝ ΚΑΝΑΒΕΡΑΛ, 12. (Ἀσσ. Πρὲς). — Ἐξετοξεύθη σήμερον νέος πύραυλος. ΤΟ ΒΛΗΜΑ «ΑΤΛΑΣ». ΜΠΑΛΛΟΝΙΑ — ΔΟΡΥΦΟΡΟΙ. ΔΙΑ ΤΟΝ ΕΠΑΝΔΡΩΜΕΝΟΝ. ΒΑΣΙΓΚΤΩΝ, 12. — Ἑτοιμάζεται ἡ ἐκτόξευσις.

ΑΚΡΩΤΗΡΙΟΝ ΚΑΝΑΒΕΡΑΛ, 12. (Ἀσσ. Πρὲς). — Ἐξετοξεύθη σήμερον νέος πύραυλος. ΤΟ ΒΛΗΜΑ «ΑΤΛΑΣ». ΜΠΑΛΛΟΝΙΑ — ΔΟΡΥΦΟΡΟΙ. ΔΙΑ ΤΟΝ ΕΠΑΝΔΡΩΜΕΝΟΝ. ΒΑΣΙΓΚΤΩΝ, 12. — Ἑτοιμάζεται ἡ ἐκτόξευσις.

ΑΚΡΩΤΗΡΙΟΝ ΚΑΝΑΒΕΡΑΛ, 12. (Ἀσσ. Πρὲς). — Ἐξετοξεύθη σήμερον νέος πύραυλος. ΤΟ ΒΛΗΜΑ «ΑΤΛΑΣ». ΜΠΑΛΛΟΝΙΑ — ΔΟΡΥΦΟΡΟΙ. ΔΙΑ ΤΟΝ ΕΠΑΝΔΡΩΜΕΝΟΝ. ΒΑΣΙΓΚΤΩΝ, 12. — Ἑτοιμάζεται ἡ ἐκτόξευσις.
